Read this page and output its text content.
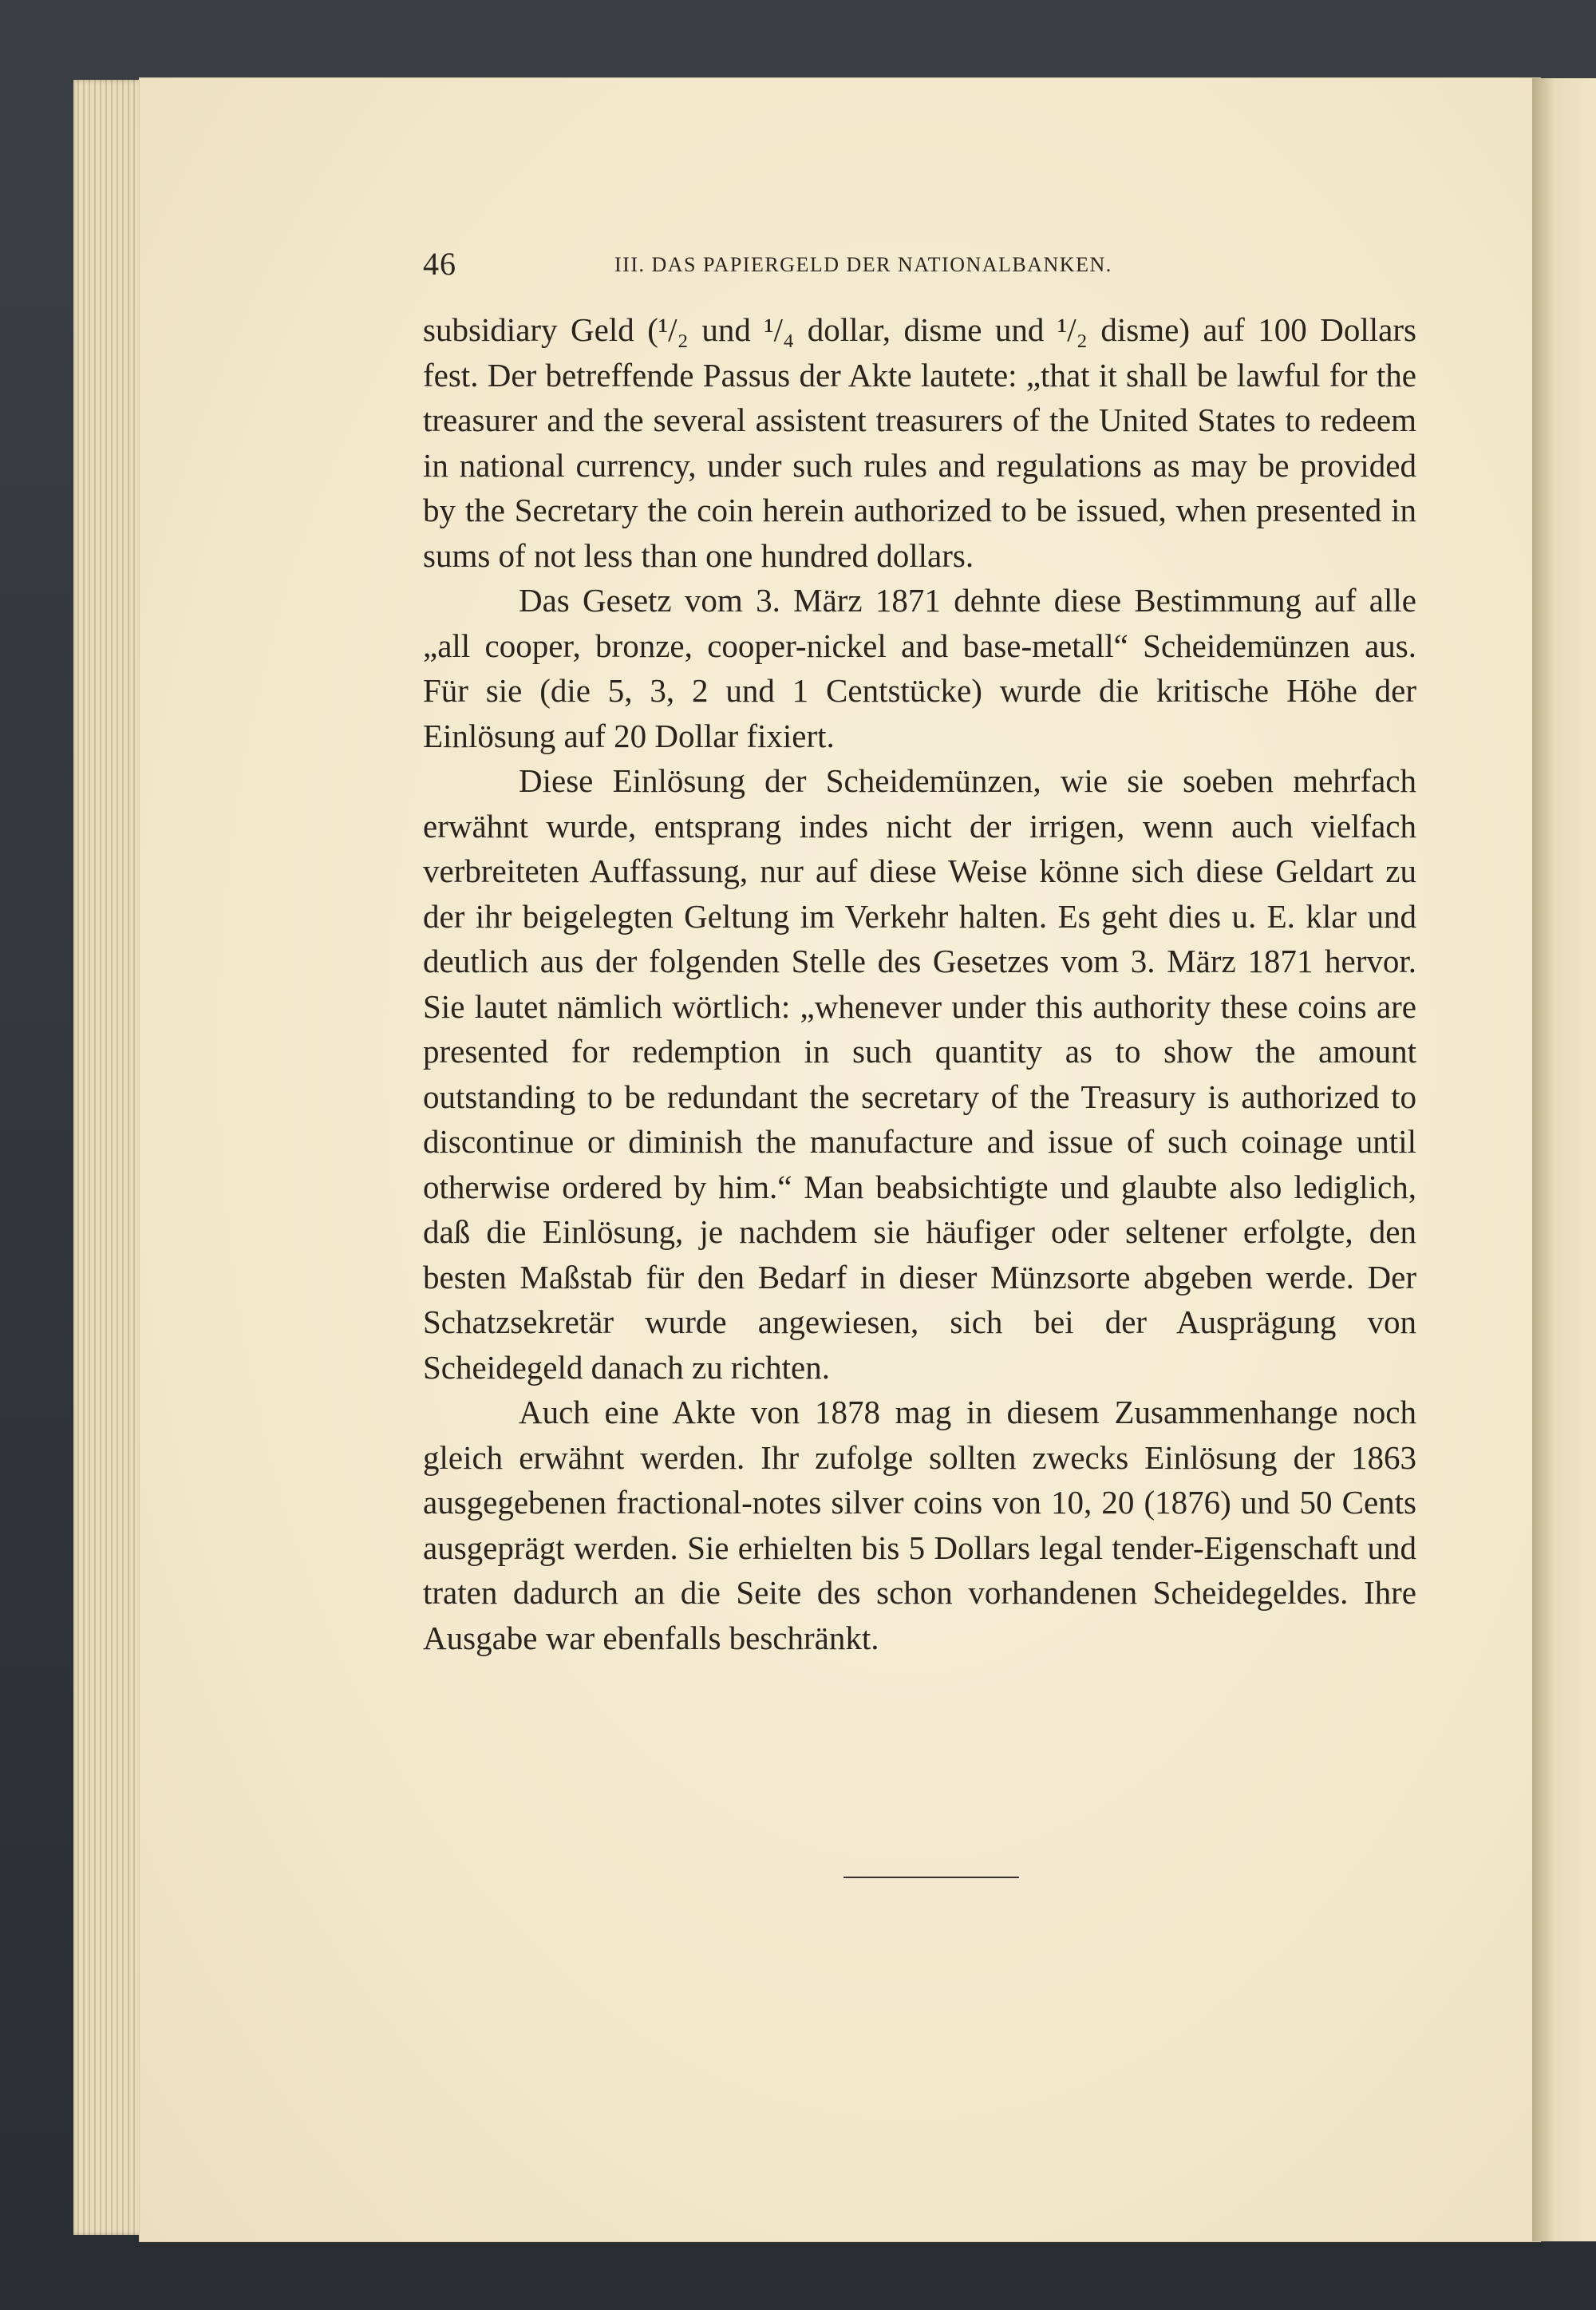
46	III. DAS PAPIERGELD DER NATIONALBANKEN.

subsidiary Geld (¹/₂ und ¹/₄ dollar, disme und ¹/₂ disme) auf 100 Dollars fest. Der betreffende Passus der Akte lautete: „that it shall be lawful for the treasurer and the several assistent treasurers of the United States to redeem in national currency, under such rules and regulations as may be provided by the Secretary the coin herein authorized to be issued, when presented in sums of not less than one hundred dollars.

Das Gesetz vom 3. März 1871 dehnte diese Bestimmung auf alle „all cooper, bronze, cooper-nickel and base-metall“ Scheidemünzen aus. Für sie (die 5, 3, 2 und 1 Centstücke) wurde die kritische Höhe der Einlösung auf 20 Dollar fixiert.

Diese Einlösung der Scheidemünzen, wie sie soeben mehrfach erwähnt wurde, entsprang indes nicht der irrigen, wenn auch vielfach verbreiteten Auffassung, nur auf diese Weise könne sich diese Geldart zu der ihr beigelegten Geltung im Verkehr halten. Es geht dies u. E. klar und deutlich aus der folgenden Stelle des Gesetzes vom 3. März 1871 hervor. Sie lautet nämlich wörtlich: „whenever under this authority these coins are presented for redemption in such quantity as to show the amount outstanding to be redundant the secretary of the Treasury is authorized to discontinue or diminish the manufacture and issue of such coinage until otherwise ordered by him.“ Man beabsichtigte und glaubte also lediglich, daß die Einlösung, je nachdem sie häufiger oder seltener erfolgte, den besten Maßstab für den Bedarf in dieser Münzsorte abgeben werde. Der Schatzsekretär wurde angewiesen, sich bei der Ausprägung von Scheidegeld danach zu richten.

Auch eine Akte von 1878 mag in diesem Zusammenhange noch gleich erwähnt werden. Ihr zufolge sollten zwecks Einlösung der 1863 ausgegebenen fractional-notes silver coins von 10, 20 (1876) und 50 Cents ausgeprägt werden. Sie erhielten bis 5 Dollars legal tender-Eigenschaft und traten dadurch an die Seite des schon vorhandenen Scheidegeldes. Ihre Ausgabe war ebenfalls beschränkt.
